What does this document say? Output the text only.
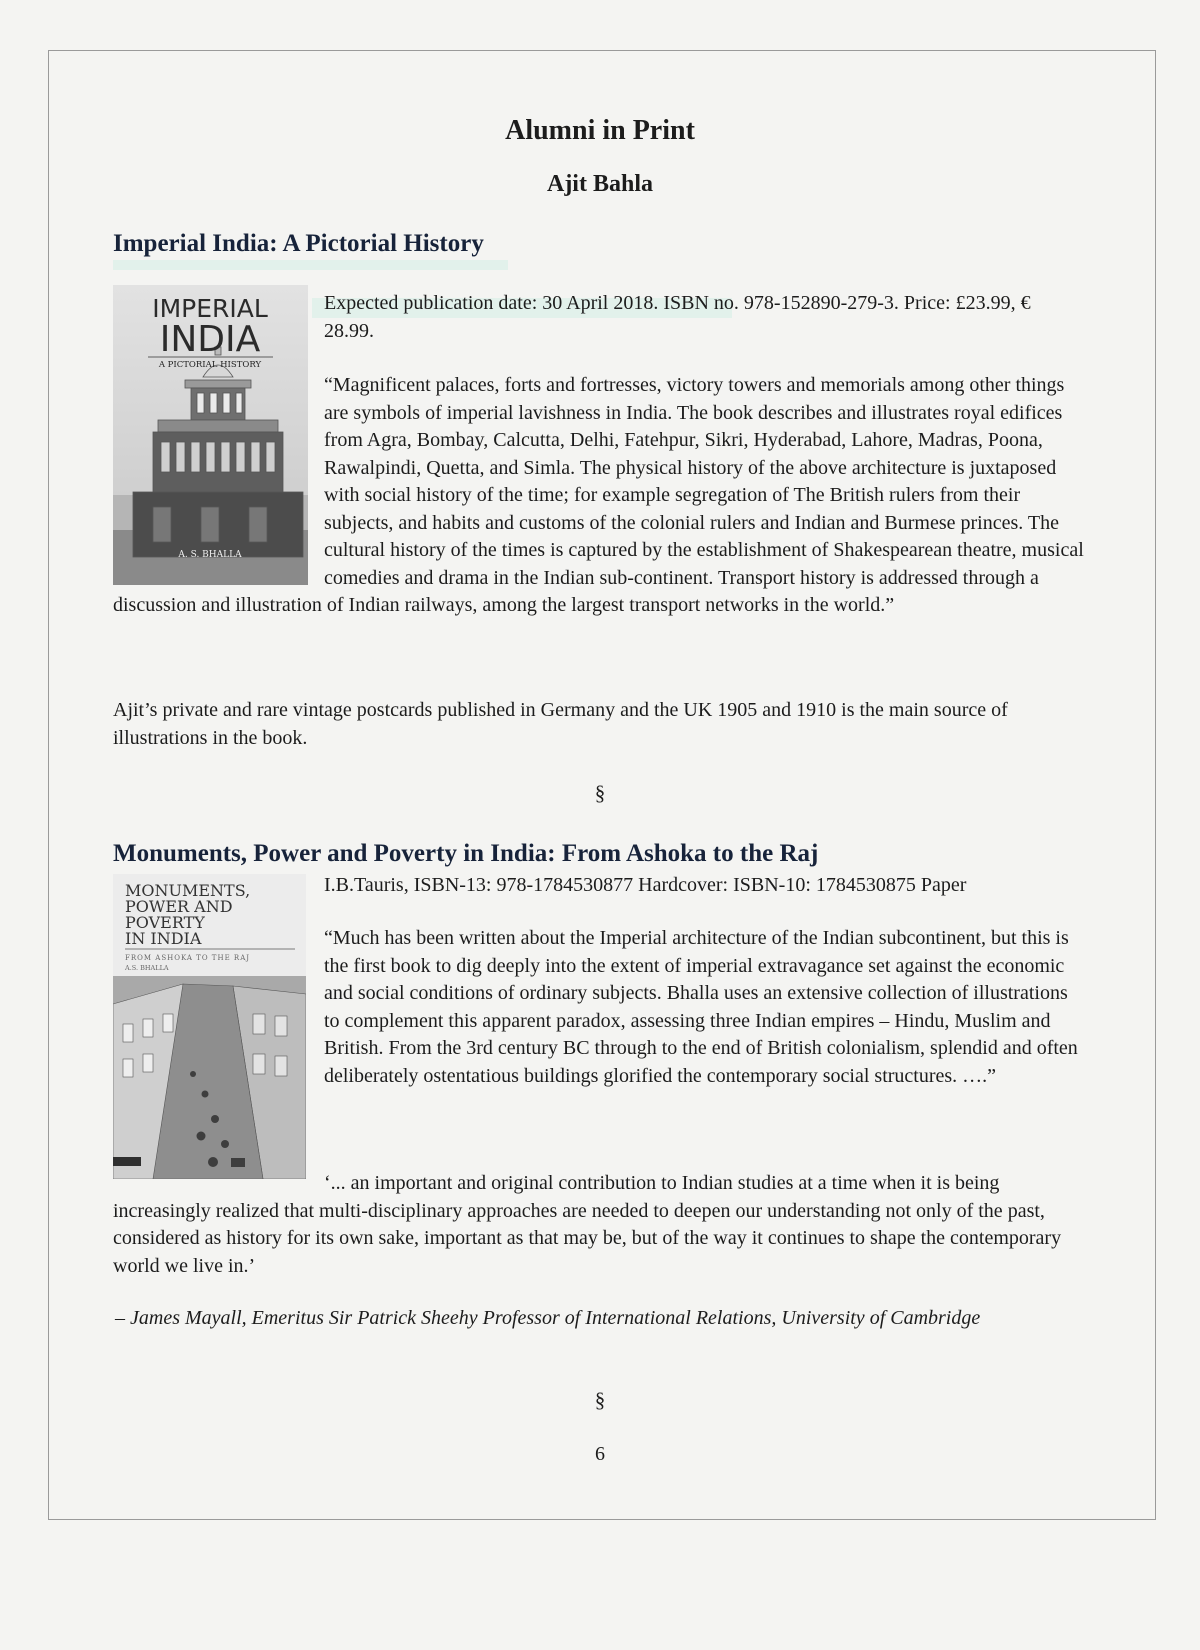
Alumni in Print
Ajit Bahla
Imperial India: A Pictorial History
IMPERIAL
INDIA
A PICTORIAL HISTORY
A. S. BHALLA
Expected publication date: 30 April 2018. ISBN no. 978-152890-279-3. Price: £23.99, € 28.99.

“Magnificent palaces, forts and fortresses, victory towers and memorials among other things are symbols of imperial lavishness in India. The book describes and illustrates royal edifices from Agra, Bombay, Calcutta, Delhi, Fatehpur, Sikri, Hyderabad, Lahore, Madras, Poona, Rawalpindi, Quetta, and Simla. The physical history of the above architecture is juxtaposed with social history of the time; for example segregation of The British rulers from their subjects, and habits and customs of the colonial rulers and Indian and Burmese princes. The cultural history of the times is captured by the establishment of Shakespearean theatre, musical comedies and drama in the Indian sub-continent. Transport history is addressed through a discussion and illustration of Indian railways, among the largest transport networks in the world.”

Ajit’s private and rare vintage postcards published in Germany and the UK 1905 and 1910 is the main source of illustrations in the book.
§
Monuments, Power and Poverty in India: From Ashoka to the Raj
MONUMENTS,
POWER AND
POVERTY
IN INDIA
FROM ASHOKA TO THE RAJ
A.S. BHALLA
I.B.Tauris, ISBN-13: 978-1784530877 Hardcover: ISBN-10: 1784530875 Paper

“Much has been written about the Imperial architecture of the Indian subcontinent, but this is the first book to dig deeply into the extent of imperial extravagance set against the economic and social conditions of ordinary subjects. Bhalla uses an extensive collection of illustrations to complement this apparent paradox, assessing three Indian empires – Hindu, Muslim and British. From the 3rd century BC through to the end of British colonialism, splendid and often deliberately ostentatious buildings glorified the contemporary social structures. ….”

‘... an important and original contribution to Indian studies at a time when it is being increasingly realized that multi-disciplinary approaches are needed to deepen our understanding not only of the past, considered as history for its own sake, important as that may be, but of the way it continues to shape the contemporary world we live in.’

– James Mayall, Emeritus Sir Patrick Sheehy Professor of International Relations, University of Cambridge
§
6
